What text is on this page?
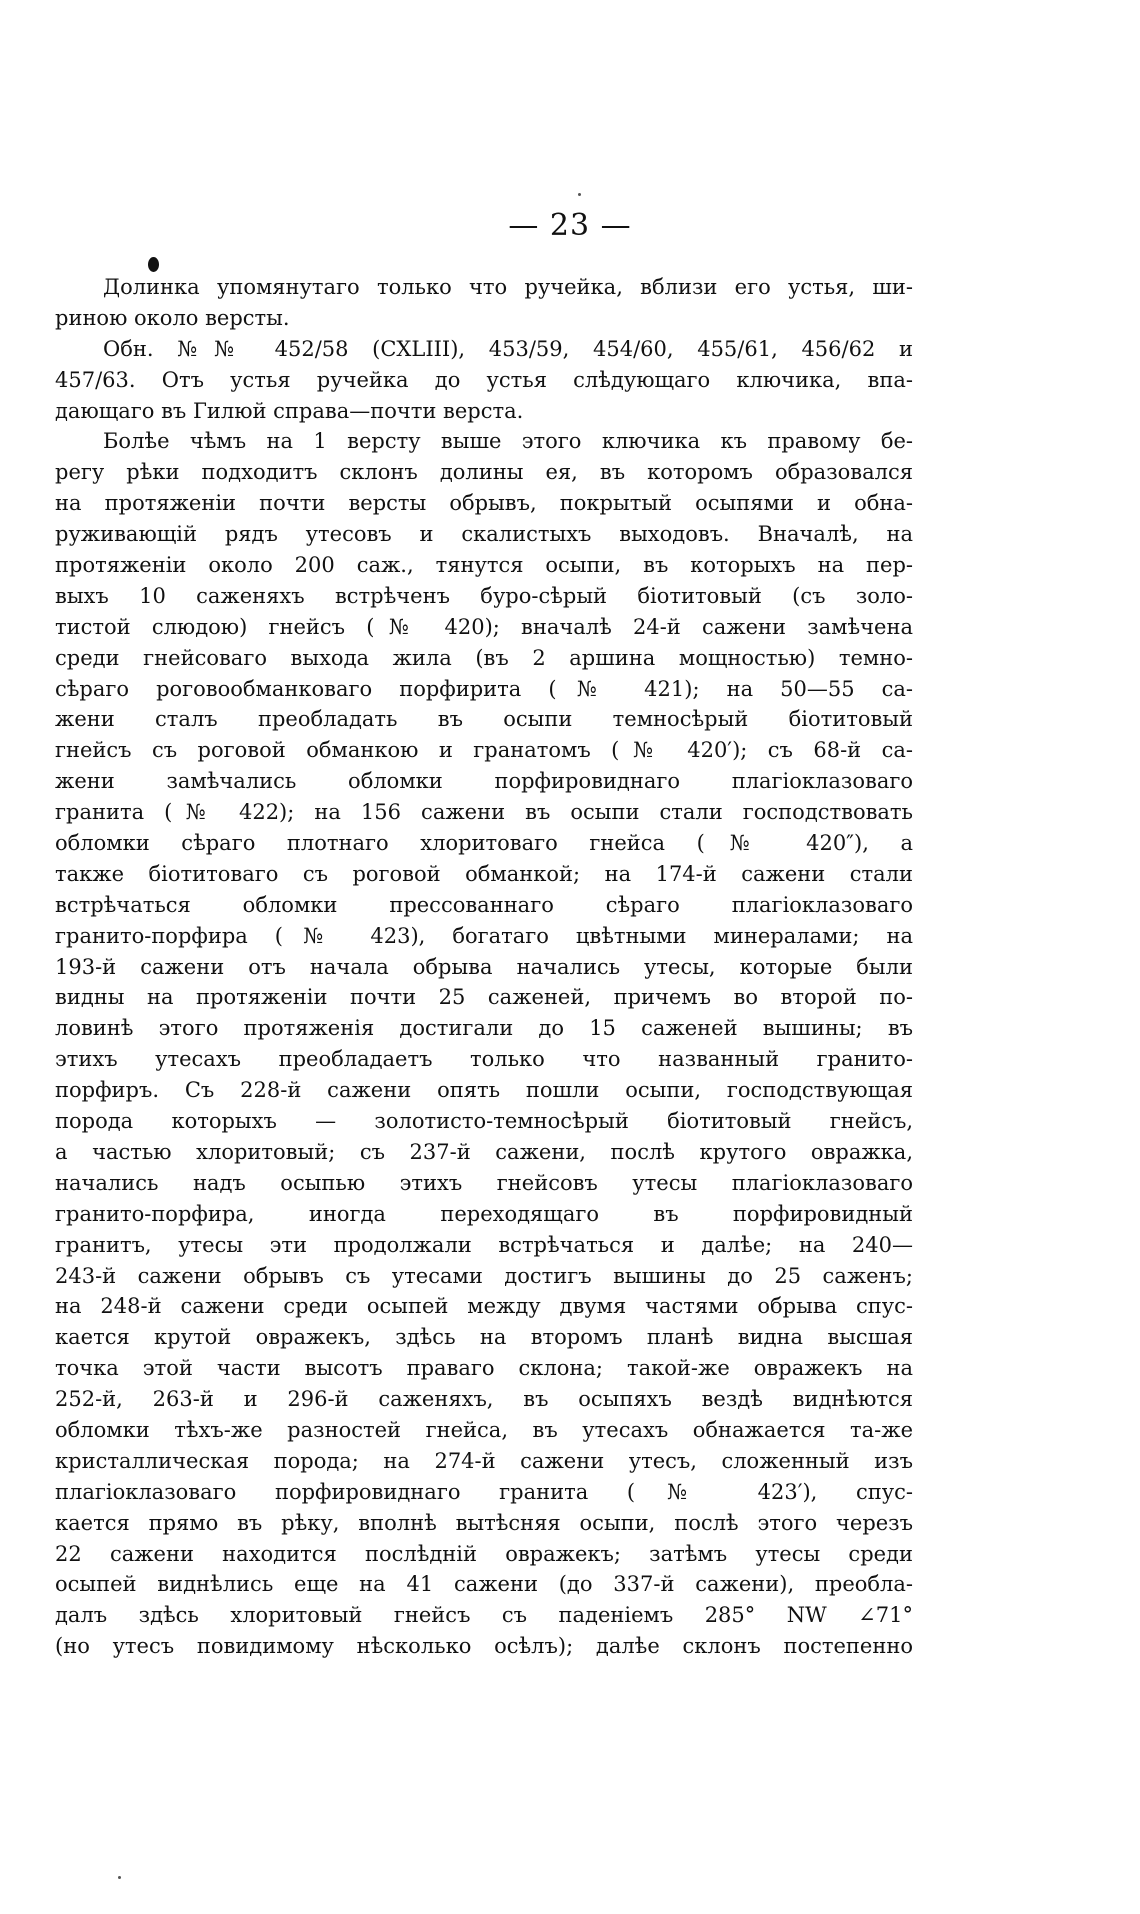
— 23 —
Долинка упомянутаго только что ручейка, вблизи его устья, ши-
риною около версты.
Обн. №№ 452/58 (CXLIII), 453/59, 454/60, 455/61, 456/62 и
457/63. Отъ устья ручейка до устья слѣдующаго ключика, впа-
дающаго въ Гилюй справа—почти верста.
Болѣе чѣмъ на 1 версту выше этого ключика къ правому бе-
регу рѣки подходитъ склонъ долины ея, въ которомъ образовался
на протяженіи почти версты обрывъ, покрытый осыпями и обна-
руживающій рядъ утесовъ и скалистыхъ выходовъ. Вначалѣ, на
протяженіи около 200 саж., тянутся осыпи, въ которыхъ на пер-
выхъ 10 саженяхъ встрѣченъ буро-сѣрый біотитовый (съ золо-
тистой слюдою) гнейсъ (№ 420); вначалѣ 24-й сажени замѣчена
среди гнейсоваго выхода жила (въ 2 аршина мощностью) темно-
сѣраго роговообманковаго порфирита (№ 421); на 50—55 са-
жени сталъ преобладать въ осыпи темносѣрый біотитовый
гнейсъ съ роговой обманкою и гранатомъ (№ 420′); съ 68-й са-
жени замѣчались обломки порфировиднаго плагіоклазоваго
гранита (№ 422); на 156 сажени въ осыпи стали господствовать
обломки сѣраго плотнаго хлоритоваго гнейса (№ 420″), а
также біотитоваго съ роговой обманкой; на 174-й сажени стали
встрѣчаться обломки прессованнаго сѣраго плагіоклазоваго
гранито-порфира (№ 423), богатаго цвѣтными минералами; на
193-й сажени отъ начала обрыва начались утесы, которые были
видны на протяженіи почти 25 саженей, причемъ во второй по-
ловинѣ этого протяженія достигали до 15 саженей вышины; въ
этихъ утесахъ преобладаетъ только что названный гранито-
порфиръ. Съ 228-й сажени опять пошли осыпи, господствующая
порода которыхъ — золотисто-темносѣрый біотитовый гнейсъ,
а частью хлоритовый; съ 237-й сажени, послѣ крутого овражка,
начались надъ осыпью этихъ гнейсовъ утесы плагіоклазоваго
гранито-порфира, иногда переходящаго въ порфировидный
гранитъ, утесы эти продолжали встрѣчаться и далѣе; на 240—
243-й сажени обрывъ съ утесами достигъ вышины до 25 саженъ;
на 248-й сажени среди осыпей между двумя частями обрыва спус-
кается крутой овражекъ, здѣсь на второмъ планѣ видна высшая
точка этой части высотъ праваго склона; такой-же овражекъ на
252-й, 263-й и 296-й саженяхъ, въ осыпяхъ вездѣ виднѣются
обломки тѣхъ-же разностей гнейса, въ утесахъ обнажается та-же
кристаллическая порода; на 274-й сажени утесъ, сложенный изъ
плагіоклазоваго порфировиднаго гранита (№ 423′), спус-
кается прямо въ рѣку, вполнѣ вытѣсняя осыпи, послѣ этого черезъ
22 сажени находится послѣдній овражекъ; затѣмъ утесы среди
осыпей виднѣлись еще на 41 сажени (до 337-й сажени), преобла-
далъ здѣсь хлоритовый гнейсъ съ паденіемъ 285° NW ∠71°
(но утесъ повидимому нѣсколько осѣлъ); далѣе склонъ постепенно
